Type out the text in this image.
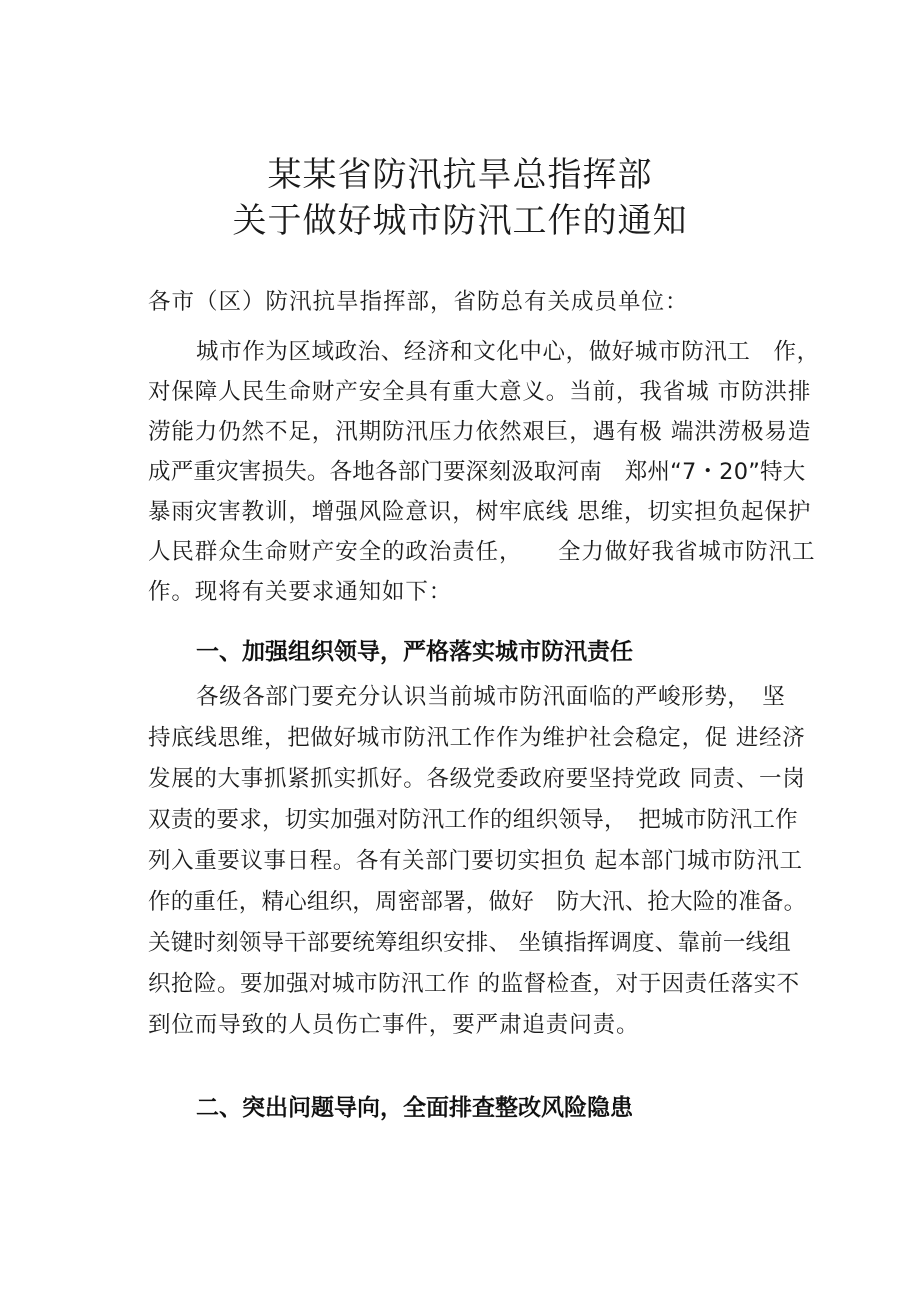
某某省防汛抗旱总指挥部
关于做好城市防汛工作的通知
各市（区）防汛抗旱指挥部，省防总有关成员单位：
城市作为区域政治、经济和文化中心，做好城市防汛工　作，
对保障人民生命财产安全具有重大意义。当前，我省城 市防洪排
涝能力仍然不足，汛期防汛压力依然艰巨，遇有极 端洪涝极易造
成严重灾害损失。各地各部门要深刻汲取河南　郑州“7・20”特大
暴雨灾害教训，增强风险意识，树牢底线 思维，切实担负起保护
人民群众生命财产安全的政治责任，　　全力做好我省城市防汛工
作。现将有关要求通知如下：
一、加强组织领导，严格落实城市防汛责任
各级各部门要充分认识当前城市防汛面临的严峻形势，　坚
持底线思维，把做好城市防汛工作作为维护社会稳定，促 进经济
发展的大事抓紧抓实抓好。各级党委政府要坚持党政 同责、一岗
双责的要求，切实加强对防汛工作的组织领导，　把城市防汛工作
列入重要议事日程。各有关部门要切实担负 起本部门城市防汛工
作的重任，精心组织，周密部署，做好　防大汛、抢大险的准备。
关键时刻领导干部要统筹组织安排、 坐镇指挥调度、靠前一线组
织抢险。要加强对城市防汛工作 的监督检查，对于因责任落实不
到位而导致的人员伤亡事件，要严肃追责问责。
二、突出问题导向，全面排查整改风险隐患
